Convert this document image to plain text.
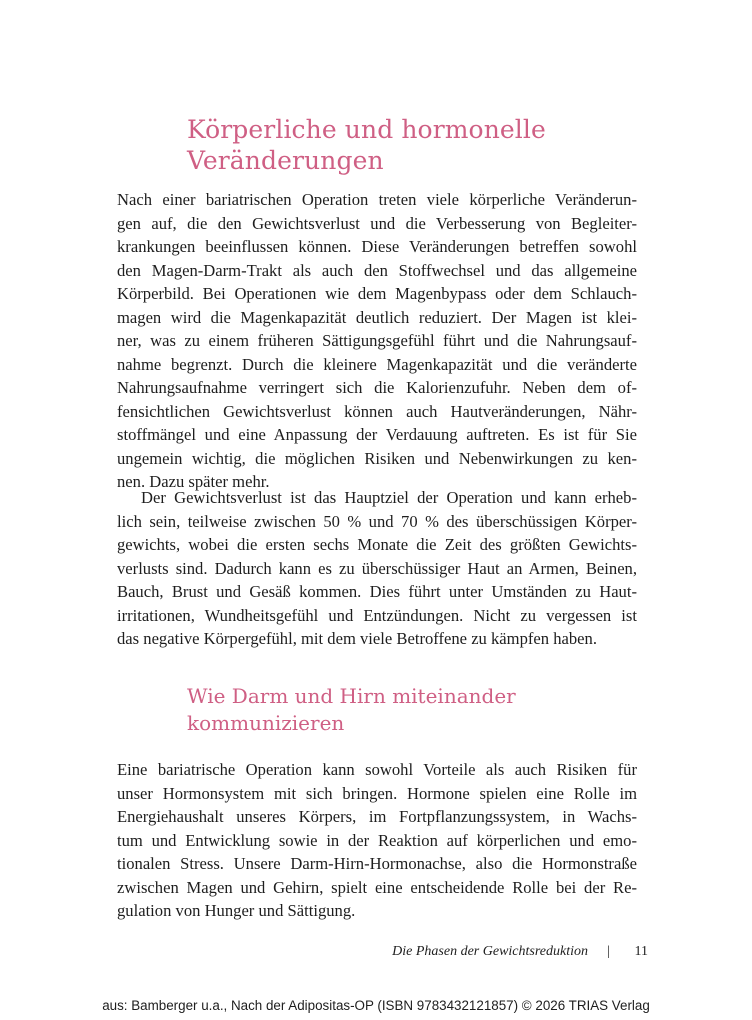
Körperliche und hormonelle
Veränderungen
Nach einer bariatrischen Operation treten viele körperliche Veränderun-
gen auf, die den Gewichtsverlust und die Verbesserung von Begleiter-
krankungen beeinflussen können. Diese Veränderungen betreffen sowohl
den Magen-Darm-Trakt als auch den Stoffwechsel und das allgemeine
Körperbild. Bei Operationen wie dem Magenbypass oder dem Schlauch-
magen wird die Magenkapazität deutlich reduziert. Der Magen ist klei-
ner, was zu einem früheren Sättigungsgefühl führt und die Nahrungsauf-
nahme begrenzt. Durch die kleinere Magenkapazität und die veränderte
Nahrungsaufnahme verringert sich die Kalorienzufuhr. Neben dem of-
fensichtlichen Gewichtsverlust können auch Hautveränderungen, Nähr-
stoffmängel und eine Anpassung der Verdauung auftreten. Es ist für Sie
ungemein wichtig, die möglichen Risiken und Nebenwirkungen zu ken-
nen. Dazu später mehr.
Der Gewichtsverlust ist das Hauptziel der Operation und kann erheb-
lich sein, teilweise zwischen 50 % und 70 % des überschüssigen Körper-
gewichts, wobei die ersten sechs Monate die Zeit des größten Gewichts-
verlusts sind. Dadurch kann es zu überschüssiger Haut an Armen, Beinen,
Bauch, Brust und Gesäß kommen. Dies führt unter Umständen zu Haut-
irritationen, Wundheitsgefühl und Entzündungen. Nicht zu vergessen ist
das negative Körpergefühl, mit dem viele Betroffene zu kämpfen haben.
Wie Darm und Hirn miteinander
kommunizieren
Eine bariatrische Operation kann sowohl Vorteile als auch Risiken für
unser Hormonsystem mit sich bringen. Hormone spielen eine Rolle im
Energiehaushalt unseres Körpers, im Fortpflanzungssystem, in Wachs-
tum und Entwicklung sowie in der Reaktion auf körperlichen und emo-
tionalen Stress. Unsere Darm-Hirn-Hormonachse, also die Hormonstraße
zwischen Magen und Gehirn, spielt eine entscheidende Rolle bei der Re-
gulation von Hunger und Sättigung.
Die Phasen der Gewichtsreduktion | 11
aus: Bamberger u.a., Nach der Adipositas-OP (ISBN 9783432121857) © 2026 TRIAS Verlag
